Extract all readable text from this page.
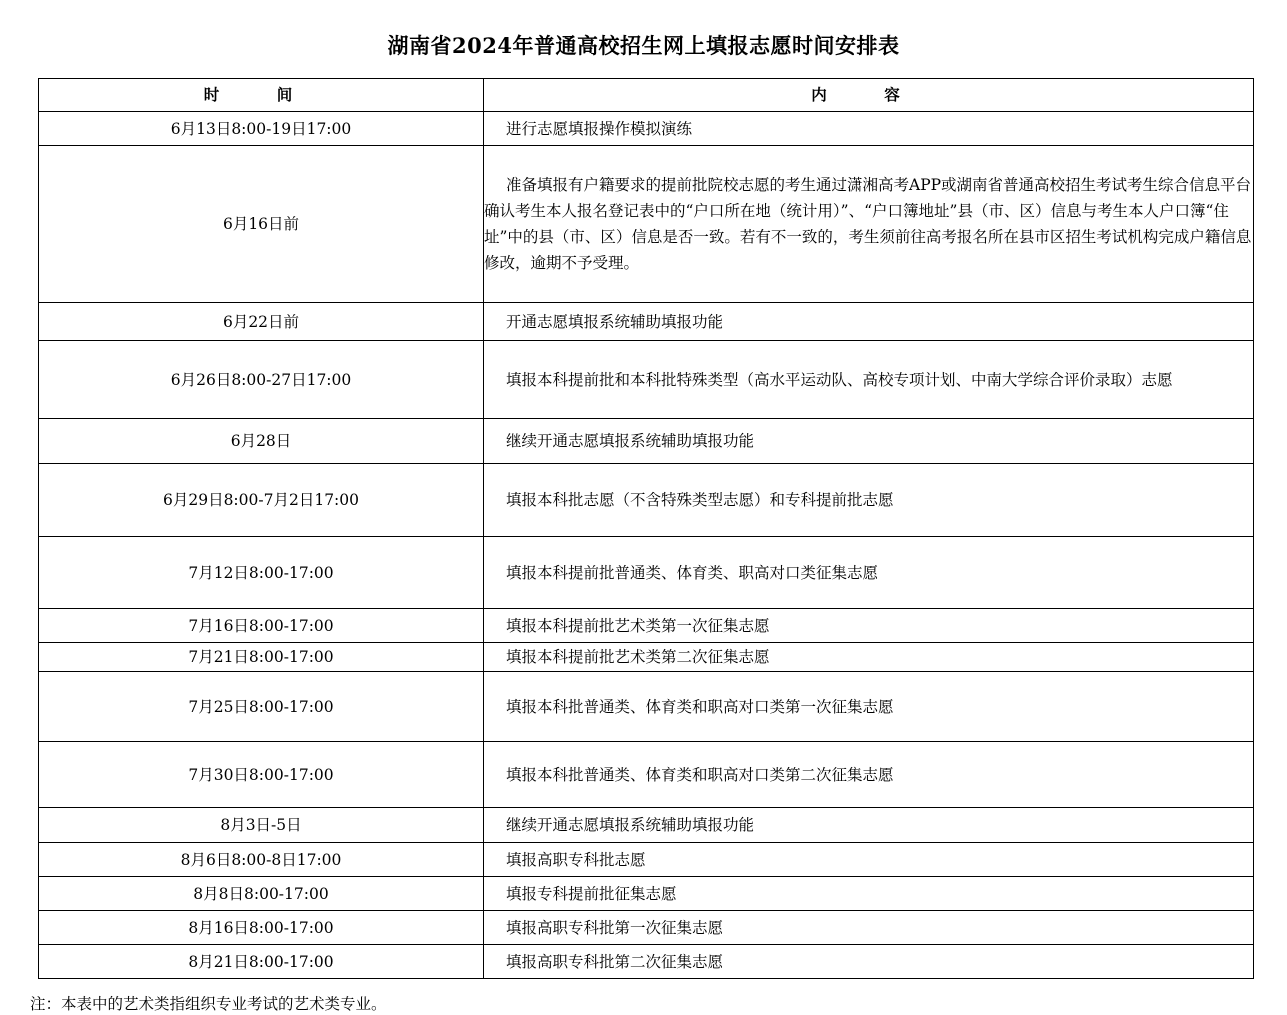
湖南省2024年普通高校招生网上填报志愿时间安排表
时 间	内 容
6月13日8:00-19日17:00	进行志愿填报操作模拟演练
6月16日前	准备填报有户籍要求的提前批院校志愿的考生通过潇湘高考APP或湖南省普通高校招生考试考生综合信息平台确认考生本人报名登记表中的“户口所在地（统计用）”、“户口簿地址”县（市、区）信息与考生本人户口簿“住址”中的县（市、区）信息是否一致。若有不一致的，考生须前往高考报名所在县市区招生考试机构完成户籍信息修改，逾期不予受理。
6月22日前	开通志愿填报系统辅助填报功能
6月26日8:00-27日17:00	填报本科提前批和本科批特殊类型（高水平运动队、高校专项计划、中南大学综合评价录取）志愿
6月28日	继续开通志愿填报系统辅助填报功能
6月29日8:00-7月2日17:00	填报本科批志愿（不含特殊类型志愿）和专科提前批志愿
7月12日8:00-17:00	填报本科提前批普通类、体育类、职高对口类征集志愿
7月16日8:00-17:00	填报本科提前批艺术类第一次征集志愿
7月21日8:00-17:00	填报本科提前批艺术类第二次征集志愿
7月25日8:00-17:00	填报本科批普通类、体育类和职高对口类第一次征集志愿
7月30日8:00-17:00	填报本科批普通类、体育类和职高对口类第二次征集志愿
8月3日-5日	继续开通志愿填报系统辅助填报功能
8月6日8:00-8日17:00	填报高职专科批志愿
8月8日8:00-17:00	填报专科提前批征集志愿
8月16日8:00-17:00	填报高职专科批第一次征集志愿
8月21日8:00-17:00	填报高职专科批第二次征集志愿
注：本表中的艺术类指组织专业考试的艺术类专业。
